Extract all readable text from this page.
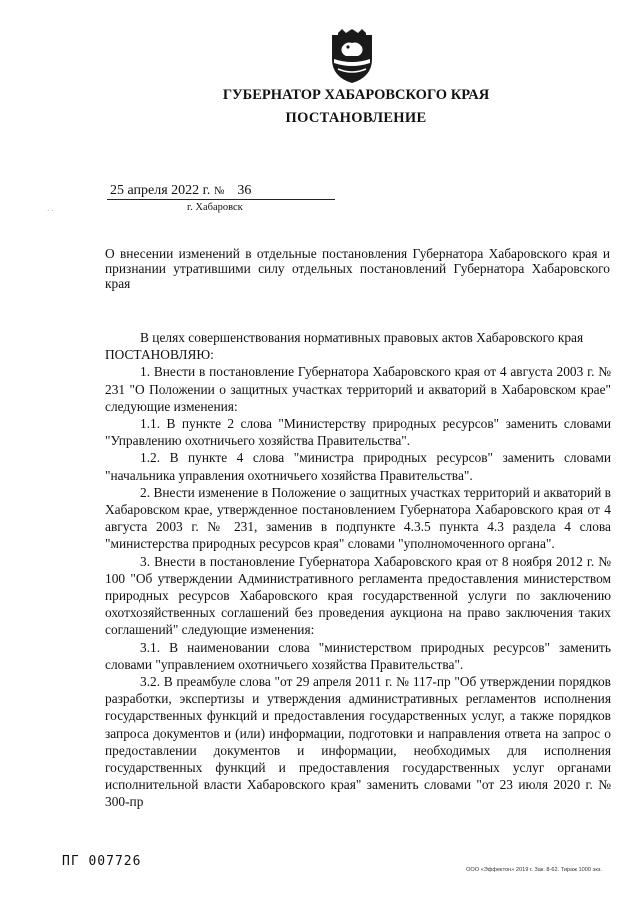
ГУБЕРНАТОР ХАБАРОВСКОГО КРАЯ
ПОСТАНОВЛЕНИЕ
25 апреля 2022 г. № 36
г. Хабаровск
· ·
О внесении изменений в отдельные постановления Губернатора Хабаровского края и признании утратившими силу отдельных постановлений Губернатора Хабаровского края

В целях совершенствования нормативных правовых актов Хабаровского края

ПОСТАНОВЛЯЮ:

1. Внести в постановление Губернатора Хабаровского края от 4 августа 2003 г. № 231 "О Положении о защитных участках территорий и акваторий в Хабаровском крае" следующие изменения:

1.1. В пункте 2 слова "Министерству природных ресурсов" заменить словами "Управлению охотничьего хозяйства Правительства".

1.2. В пункте 4 слова "министра природных ресурсов" заменить словами "начальника управления охотничьего хозяйства Правительства".

2. Внести изменение в Положение о защитных участках территорий и акваторий в Хабаровском крае, утвержденное постановлением Губернатора Хабаровского края от 4 августа 2003 г. № 231, заменив в подпункте 4.3.5 пункта 4.3 раздела 4 слова "министерства природных ресурсов края" словами "уполномоченного органа".

3. Внести в постановление Губернатора Хабаровского края от 8 ноября 2012 г. № 100 "Об утверждении Административного регламента предоставления министерством природных ресурсов Хабаровского края государственной услуги по заключению охотхозяйственных соглашений без проведения аукциона на право заключения таких соглашений" следующие изменения:

3.1. В наименовании слова "министерством природных ресурсов" заменить словами "управлением охотничьего хозяйства Правительства".

3.2. В преамбуле слова "от 29 апреля 2011 г. № 117-пр "Об утверждении порядков разработки, экспертизы и утверждения административных регламентов исполнения государственных функций и предоставления государственных услуг, а также порядков запроса документов и (или) информации, подготовки и направления ответа на запрос о предоставлении документов и информации, необходимых для исполнения государственных функций и предоставления государственных услуг органами исполнительной власти Хабаровского края" заменить словами "от 23 июля 2020 г. № 300-пр

ПГ 007726
ООО «Эффектон» 2019 г. Зак. 8-62. Тираж 1000 экз.
